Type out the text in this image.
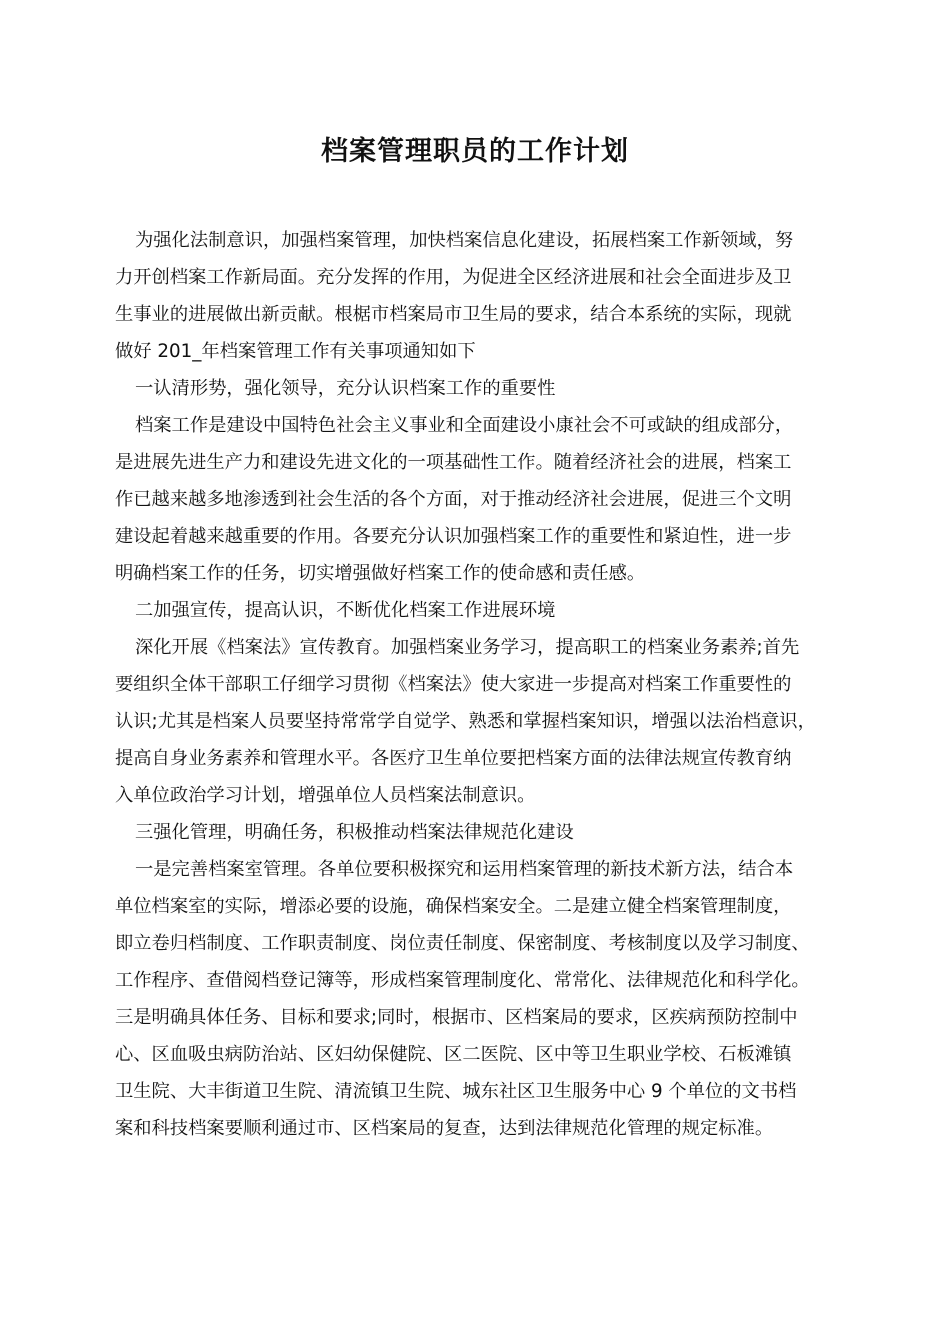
档案管理职员的工作计划
为强化法制意识，加强档案管理，加快档案信息化建设，拓展档案工作新领域，努
力开创档案工作新局面。充分发挥的作用，为促进全区经济进展和社会全面进步及卫
生事业的进展做出新贡献。根椐市档案局市卫生局的要求，结合本系统的实际，现就
做好 201_年档案管理工作有关事项通知如下
一认清形势，强化领导，充分认识档案工作的重要性
档案工作是建设中国特色社会主义事业和全面建设小康社会不可或缺的组成部分，
是进展先进生产力和建设先进文化的一项基础性工作。随着经济社会的进展，档案工
作已越来越多地渗透到社会生活的各个方面，对于推动经济社会进展，促进三个文明
建设起着越来越重要的作用。各要充分认识加强档案工作的重要性和紧迫性，进一步
明确档案工作的任务，切实增强做好档案工作的使命感和责任感。
二加强宣传，提高认识，不断优化档案工作进展环境
深化开展《档案法》宣传教育。加强档案业务学习，提高职工的档案业务素养;首先
要组织全体干部职工仔细学习贯彻《档案法》使大家进一步提高对档案工作重要性的
认识;尤其是档案人员要坚持常常学自觉学、熟悉和掌握档案知识，增强以法治档意识，
提高自身业务素养和管理水平。各医疗卫生单位要把档案方面的法律法规宣传教育纳
入单位政治学习计划，增强单位人员档案法制意识。
三强化管理，明确任务，积极推动档案法律规范化建设
一是完善档案室管理。各单位要积极探究和运用档案管理的新技术新方法，结合本
单位档案室的实际，增添必要的设施，确保档案安全。二是建立健全档案管理制度，
即立卷归档制度、工作职责制度、岗位责任制度、保密制度、考核制度以及学习制度、
工作程序、查借阅档登记簿等，形成档案管理制度化、常常化、法律规范化和科学化。
三是明确具体任务、目标和要求;同时，根据市、区档案局的要求，区疾病预防控制中
心、区血吸虫病防治站、区妇幼保健院、区二医院、区中等卫生职业学校、石板滩镇
卫生院、大丰街道卫生院、清流镇卫生院、城东社区卫生服务中心 9 个单位的文书档
案和科技档案要顺利通过市、区档案局的复查，达到法律规范化管理的规定标准。
